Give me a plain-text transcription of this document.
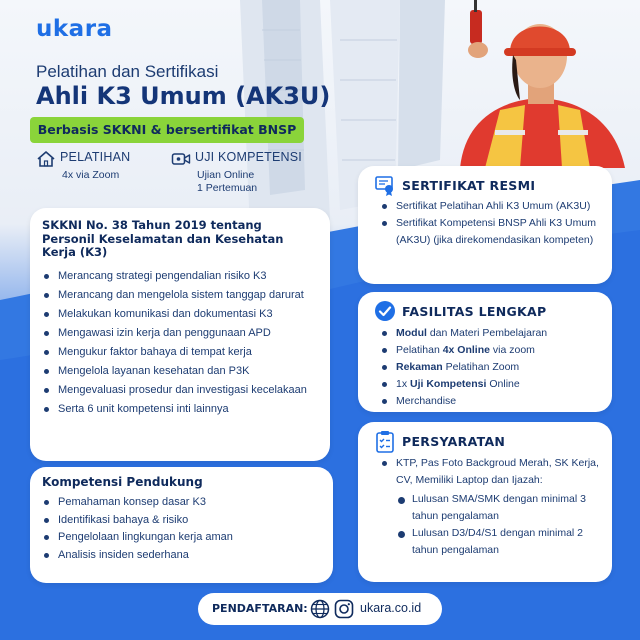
ukara
Pelatihan dan Sertifikasi
Ahli K3 Umum (AK3U)
Berbasis SKKNI & bersertifikat BNSP
PELATIHAN
4x via Zoom
UJI KOMPETENSI
Ujian Online
1 Pertemuan
SKKNI No. 38 Tahun 2019 tentang
Personil Keselamatan dan Kesehatan
Kerja (K3)
Merancang strategi pengendalian risiko K3
Merancang dan mengelola sistem tanggap darurat
Melakukan komunikasi dan dokumentasi K3
Mengawasi izin kerja dan penggunaan APD
Mengukur faktor bahaya di tempat kerja
Mengelola layanan kesehatan dan P3K
Mengevaluasi prosedur dan investigasi kecelakaan
Serta 6 unit kompetensi inti lainnya
Kompetensi Pendukung
Pemahaman konsep dasar K3
Identifikasi bahaya & risiko
Pengelolaan lingkungan kerja aman
Analisis insiden sederhana
SERTIFIKAT RESMI
Sertifikat Pelatihan Ahli K3 Umum (AK3U)
Sertifikat Kompetensi BNSP Ahli K3 Umum (AK3U) (jika direkomendasikan kompeten)
FASILITAS LENGKAP
Modul dan Materi Pembelajaran
Pelatihan 4x Online via zoom
Rekaman Pelatihan Zoom
1x Uji Kompetensi Online
Merchandise
PERSYARATAN
KTP, Pas Foto Backgroud Merah, SK Kerja, CV, Memiliki Laptop dan Ijazah:
Lulusan SMA/SMK dengan minimal 3 tahun pengalaman
Lulusan D3/D4/S1 dengan minimal 2 tahun pengalaman
PENDAFTARAN:	ukara.co.id
